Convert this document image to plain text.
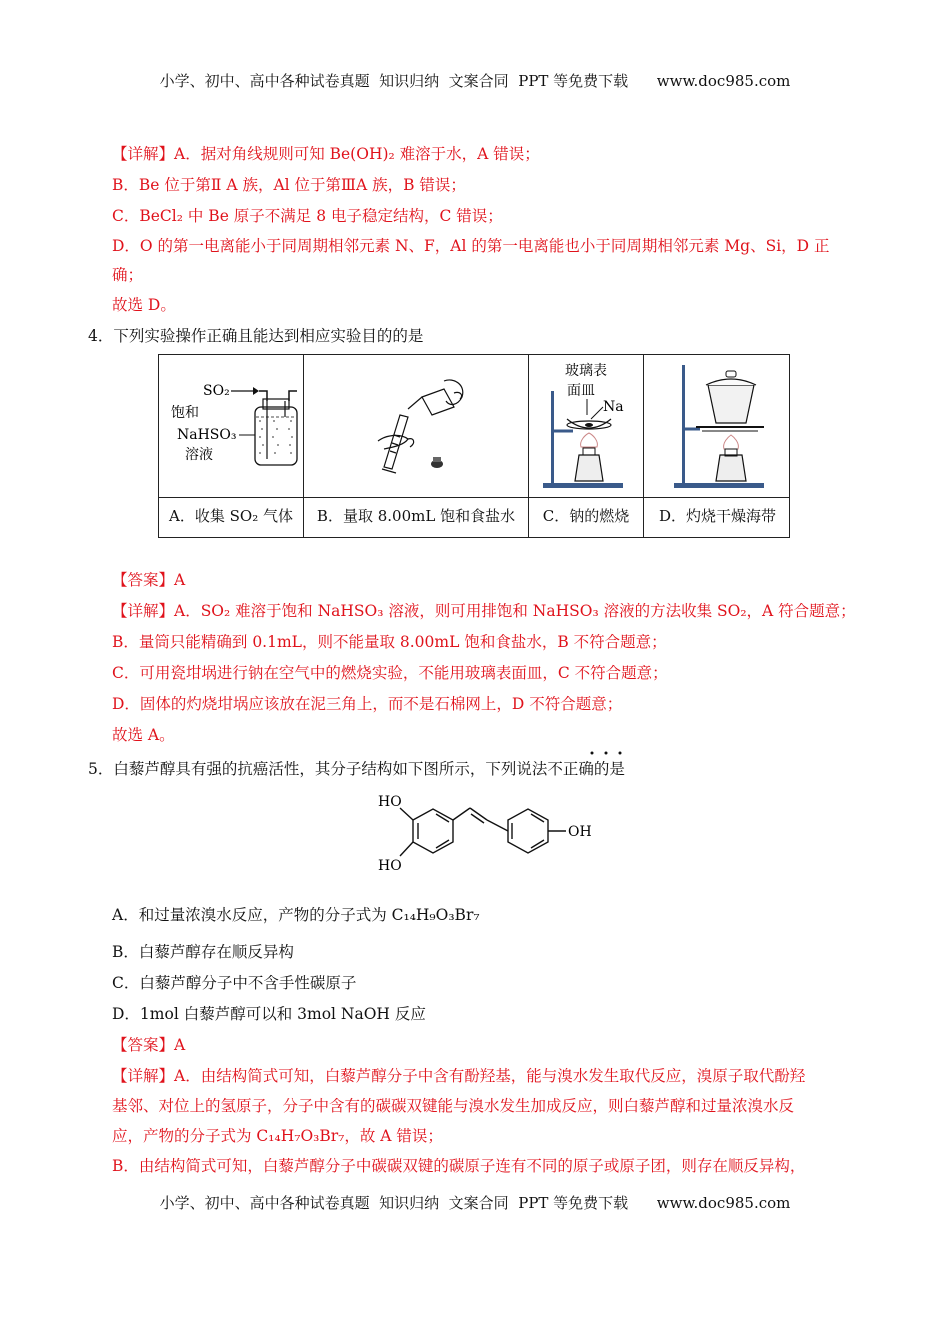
小学、初中、高中各种试卷真题  知识归纳  文案合同  PPT 等免费下载      www.doc985.com
【详解】A．据对角线规则可知 Be(OH)₂ 难溶于水，A 错误；
B．Be 位于第Ⅱ A 族，Al 位于第ⅢA 族，B 错误；
C．BeCl₂ 中 Be 原子不满足 8 电子稳定结构，C 错误；
D．O 的第一电离能小于同周期相邻元素 N、F，Al 的第一电离能也小于同周期相邻元素 Mg、Si，D 正
确；
故选 D。
4．下列实验操作正确且能达到相应实验目的的是
SO₂
饱和
NaHSO₃
溶液
A．收集 SO₂ 气体	B．量取 8.00mL 饱和食盐水
玻璃表
面皿
Na
C．钠的燃烧	D．灼烧干燥海带
【答案】A
【详解】A．SO₂ 难溶于饱和 NaHSO₃ 溶液，则可用排饱和 NaHSO₃ 溶液的方法收集 SO₂，A 符合题意；
B．量筒只能精确到 0.1mL，则不能量取 8.00mL 饱和食盐水，B 不符合题意；
C．可用瓷坩埚进行钠在空气中的燃烧实验，不能用玻璃表面皿，C 不符合题意；
D．固体的灼烧坩埚应该放在泥三角上，而不是石棉网上，D 不符合题意；
故选 A。
5．白藜芦醇具有强的抗癌活性，其分子结构如下图所示，下列说法不正确的是
HO
HO
OH
A．和过量浓溴水反应，产物的分子式为 C₁₄H₉O₃Br₇
B．白藜芦醇存在顺反异构
C．白藜芦醇分子中不含手性碳原子
D．1mol 白藜芦醇可以和 3mol NaOH 反应
【答案】A
【详解】A．由结构简式可知，白藜芦醇分子中含有酚羟基，能与溴水发生取代反应，溴原子取代酚羟
基邻、对位上的氢原子，分子中含有的碳碳双键能与溴水发生加成反应，则白藜芦醇和过量浓溴水反
应，产物的分子式为 C₁₄H₇O₃Br₇，故 A 错误；
B．由结构简式可知，白藜芦醇分子中碳碳双键的碳原子连有不同的原子或原子团，则存在顺反异构，
小学、初中、高中各种试卷真题  知识归纳  文案合同  PPT 等免费下载      www.doc985.com
